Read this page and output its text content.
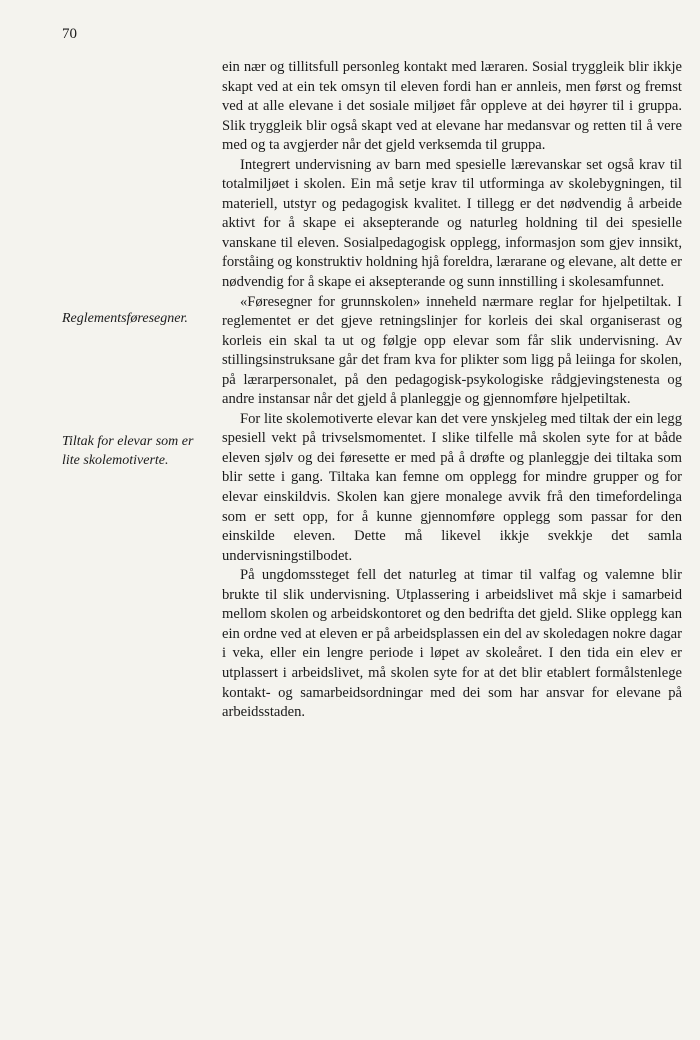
70

Reglementsføresegner.

Tiltak for elevar som er lite skolemotiverte.

ein nær og tillitsfull personleg kontakt med læraren. Sosial tryggleik blir ikkje skapt ved at ein tek omsyn til eleven fordi han er annleis, men først og fremst ved at alle elevane i det sosiale miljøet får oppleve at dei høyrer til i gruppa. Slik tryggleik blir også skapt ved at elevane har medansvar og retten til å vere med og ta avgjerder når det gjeld verksemda til gruppa.

Integrert undervisning av barn med spesielle lærevanskar set også krav til totalmiljøet i skolen. Ein må setje krav til utforminga av skolebygningen, til materiell, utstyr og pedagogisk kvalitet. I tillegg er det nødvendig å arbeide aktivt for å skape ei aksepterande og naturleg holdning til dei spesielle vanskane til eleven. Sosialpedagogisk opplegg, informasjon som gjev innsikt, forståing og konstruktiv holdning hjå foreldra, lærarane og elevane, alt dette er nødvendig for å skape ei aksepterande og sunn innstilling i skolesamfunnet.

«Føresegner for grunnskolen» inneheld nærmare reglar for hjelpetiltak. I reglementet er det gjeve retningslinjer for korleis dei skal organiserast og korleis ein skal ta ut og følgje opp elevar som får slik undervisning. Av stillingsinstruksane går det fram kva for plikter som ligg på leiinga for skolen, på lærarpersonalet, på den pedagogisk-psykologiske rådgjevingstenesta og andre instansar når det gjeld å planleggje og gjennomføre hjelpetiltak.

For lite skolemotiverte elevar kan det vere ynskjeleg med tiltak der ein legg spesiell vekt på trivselsmomentet. I slike tilfelle må skolen syte for at både eleven sjølv og dei føresette er med på å drøfte og planleggje dei tiltaka som blir sette i gang. Tiltaka kan femne om opplegg for mindre grupper og for elevar einskildvis. Skolen kan gjere monalege avvik frå den timefordelinga som er sett opp, for å kunne gjennomføre opplegg som passar for den einskilde eleven. Dette må likevel ikkje svekkje det samla undervisningstilbodet.

På ungdomssteget fell det naturleg at timar til valfag og valemne blir brukte til slik undervisning. Utplassering i arbeidslivet må skje i samarbeid mellom skolen og arbeidskontoret og den bedrifta det gjeld. Slike opplegg kan ein ordne ved at eleven er på arbeidsplassen ein del av skoledagen nokre dagar i veka, eller ein lengre periode i løpet av skoleåret. I den tida ein elev er utplassert i arbeidslivet, må skolen syte for at det blir etablert formålstenlege kontakt- og samarbeidsordningar med dei som har ansvar for elevane på arbeidsstaden.
